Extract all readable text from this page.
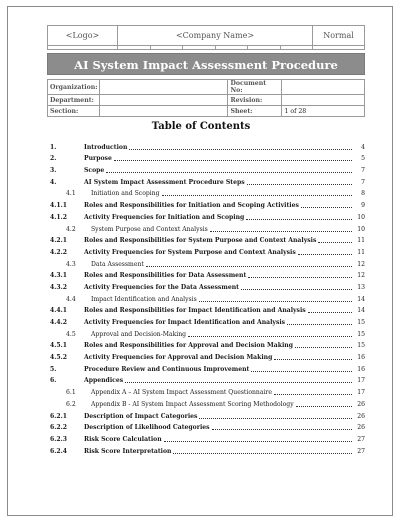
<Logo>	<Company Name>						Normal

AI System Impact Assessment Procedure
Organization:		Document No:	
Department:		Revision:	
Section:		Sheet:	1 of 28
Table of Contents
1.	Introduction	4
2.	Purpose	5
3.	Scope	7
4.	AI System Impact Assessment Procedure Steps	7
4.1	Initiation and Scoping	8
4.1.1	Roles and Responsibilities for Initiation and Scoping Activities	9
4.1.2	Activity Frequencies for Initiation and Scoping	10
4.2	System Purpose and Context Analysis	10
4.2.1	Roles and Responsibilities for System Purpose and Context Analysis	11
4.2.2	Activity Frequencies for System Purpose and Context Analysis	11
4.3	Data Assessment	12
4.3.1	Roles and Responsibilities for Data Assessment	12
4.3.2	Activity Frequencies for the Data Assessment	13
4.4	Impact Identification and Analysis	14
4.4.1	Roles and Responsibilities for Impact Identification and Analysis	14
4.4.2	Activity Frequencies for Impact Identification and Analysis	15
4.5	Approval and Decision-Making	15
4.5.1	Roles and Responsibilities for Approval and Decision Making	15
4.5.2	Activity Frequencies for Approval and Decision Making	16
5.	Procedure Review and Continuous Improvement	16
6.	Appendices	17
6.1	Appendix A – AI System Impact Assessment Questionnaire	17
6.2	Appendix B - AI System Impact Assessment Scoring Methodology	26
6.2.1	Description of Impact Categories	26
6.2.2	Description of Likelihood Categories	26
6.2.3	Risk Score Calculation	27
6.2.4	Risk Score Interpretation	27
